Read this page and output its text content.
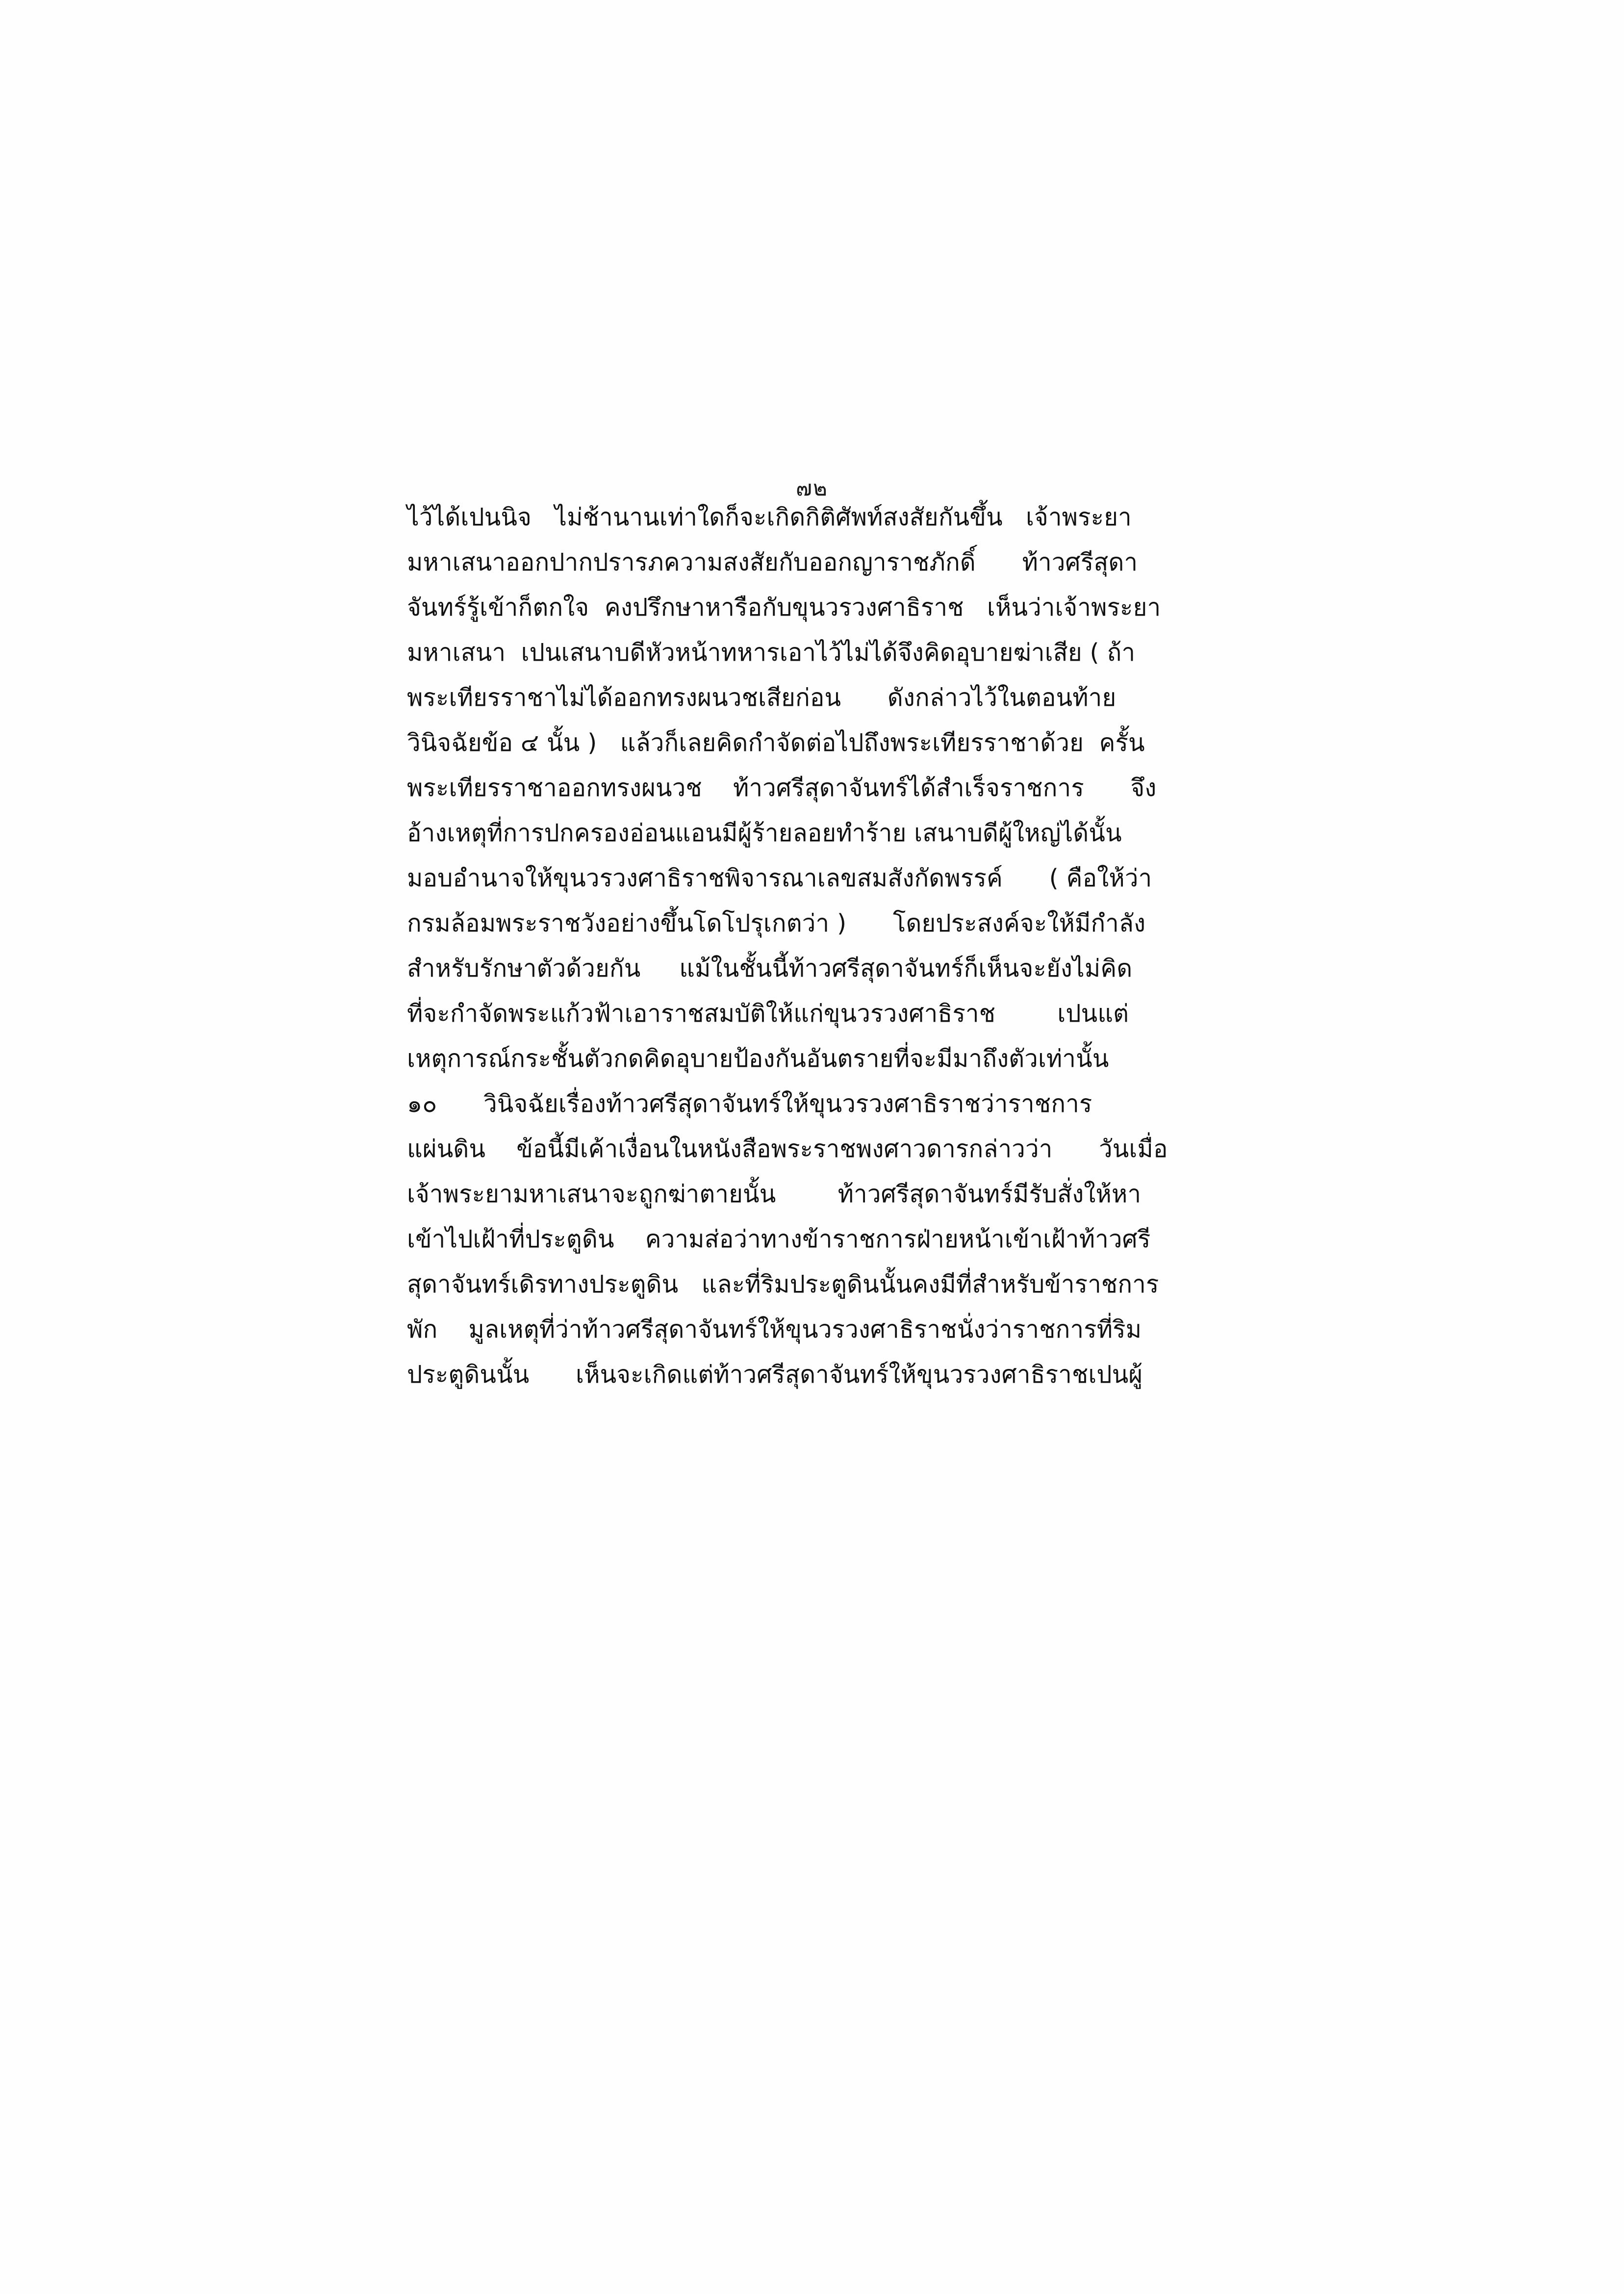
๗๒
ไว้ได้เปนนิจ   ไม่ช้านานเท่าใดก็จะเกิดกิติศัพท์สงสัยกันขึ้น   เจ้าพระยา
มหาเสนาออกปากปรารภความสงสัยกับออกญาราชภักดิ์      ท้าวศรีสุดา
จันทร์รู้เข้าก็ตกใจ  คงปรึกษาหารือกับขุนวรวงศาธิราช   เห็นว่าเจ้าพระยา
มหาเสนา  เปนเสนาบดีหัวหน้าทหารเอาไว้ไม่ได้จึงคิดอุบายฆ่าเสีย ( ถ้า
พระเทียรราชาไม่ได้ออกทรงผนวชเสียก่อน      ดังกล่าวไว้ในตอนท้าย
วินิจฉัยข้อ ๔ นั้น )   แล้วก็เลยคิดกำจัดต่อไปถึงพระเทียรราชาด้วย  ครั้น
พระเทียรราชาออกทรงผนวช    ท้าวศรีสุดาจันทร์ได้สำเร็จราชการ      จึง
อ้างเหตุที่การปกครองอ่อนแอนมีผู้ร้ายลอยทำร้าย เสนาบดีผู้ใหญ่ได้นั้น
มอบอำนาจให้ขุนวรวงศาธิราชพิจารณาเลขสมสังกัดพรรค์      ( คือให้ว่า
กรมล้อมพระราชวังอย่างขึ้นโดโปรุเกตว่า )      โดยประสงค์จะให้มีกำลัง
สำหรับรักษาตัวด้วยกัน     แม้ในชั้นนี้ท้าวศรีสุดาจันทร์ก็เห็นจะยังไม่คิด
ที่จะกำจัดพระแก้วฟ้าเอาราชสมบัติให้แก่ขุนวรวงศาธิราช        เปนแต่
เหตุการณ์กระชั้นตัวกดคิดอุบายป้องกันอันตรายที่จะมีมาถึงตัวเท่านั้น
๑๐      วินิจฉัยเรื่องท้าวศรีสุดาจันทร์ให้ขุนวรวงศาธิราชว่าราชการ
แผ่นดิน    ข้อนี้มีเค้าเงื่อนในหนังสือพระราชพงศาวดารกล่าวว่า      วันเมื่อ
เจ้าพระยามหาเสนาจะถูกฆ่าตายนั้น        ท้าวศรีสุดาจันทร์มีรับสั่งให้หา
เข้าไปเฝ้าที่ประตูดิน    ความส่อว่าทางข้าราชการฝ่ายหน้าเข้าเฝ้าท้าวศรี
สุดาจันทร์เดิรทางประตูดิน   และที่ริมประตูดินนั้นคงมีที่สำหรับข้าราชการ
พัก    มูลเหตุที่ว่าท้าวศรีสุดาจันทร์ให้ขุนวรวงศาธิราชนั่งว่าราชการที่ริม
ประตูดินนั้น      เห็นจะเกิดแต่ท้าวศรีสุดาจันทร์ให้ขุนวรวงศาธิราชเปนผู้
